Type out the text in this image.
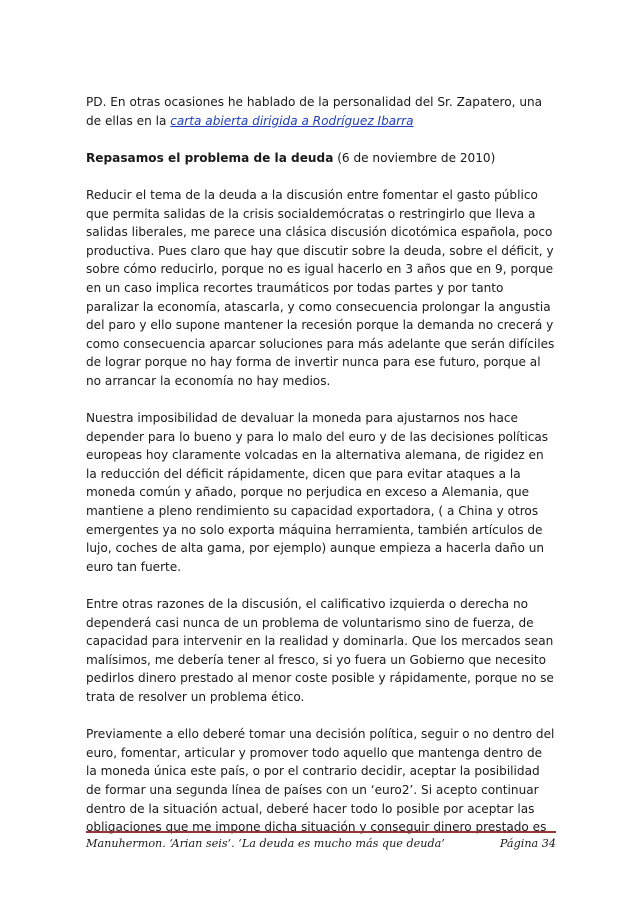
PD. En otras ocasiones he hablado de la personalidad del Sr. Zapatero, una de ellas en la carta abierta dirigida a Rodríguez Ibarra

Repasamos el problema de la deuda (6 de noviembre de 2010)

Reducir el tema de la deuda a la discusión entre fomentar el gasto público que permita salidas de la crisis socialdemócratas o restringirlo que lleva a salidas liberales, me parece una clásica discusión dicotómica española, poco productiva. Pues claro que hay que discutir sobre la deuda, sobre el déficit, y sobre cómo reducirlo, porque no es igual hacerlo en 3 años que en 9, porque en un caso implica recortes traumáticos por todas partes y por tanto paralizar la economía, atascarla, y como consecuencia prolongar la angustia del paro y ello supone mantener la recesión porque la demanda no crecerá y como consecuencia aparcar soluciones para más adelante que serán difíciles de lograr porque no hay forma de invertir nunca para ese futuro, porque al no arrancar la economía no hay medios.

Nuestra imposibilidad de devaluar la moneda para ajustarnos nos hace depender para lo bueno y para lo malo del euro y de las decisiones políticas europeas hoy claramente volcadas en la alternativa alemana, de rigidez en la reducción del déficit rápidamente, dicen que para evitar ataques a la moneda común y añado, porque no perjudica en exceso a Alemania, que mantiene a pleno rendimiento su capacidad exportadora, ( a China y otros emergentes ya no solo exporta máquina herramienta, también artículos de lujo, coches de alta gama, por ejemplo) aunque empieza a hacerla daño un euro tan fuerte.

Entre otras razones de la discusión, el calificativo izquierda o derecha no dependerá casi nunca de un problema de voluntarismo sino de fuerza, de capacidad para intervenir en la realidad y dominarla. Que los mercados sean malísimos, me debería tener al fresco, si yo fuera un Gobierno que necesito pedirlos dinero prestado al menor coste posible y rápidamente, porque no se trata de resolver un problema ético.

Previamente a ello deberé tomar una decisión política, seguir o no dentro del euro, fomentar, articular y promover todo aquello que mantenga dentro de la moneda única este país, o por el contrario decidir, aceptar la posibilidad de formar una segunda línea de países con un ‘euro2’. Si acepto continuar dentro de la situación actual, deberé hacer todo lo posible por aceptar las obligaciones que me impone dicha situación y conseguir dinero prestado es

Manuhermon. ‘Arian seis’. ‘La deuda es mucho más que deuda’	Página 34
